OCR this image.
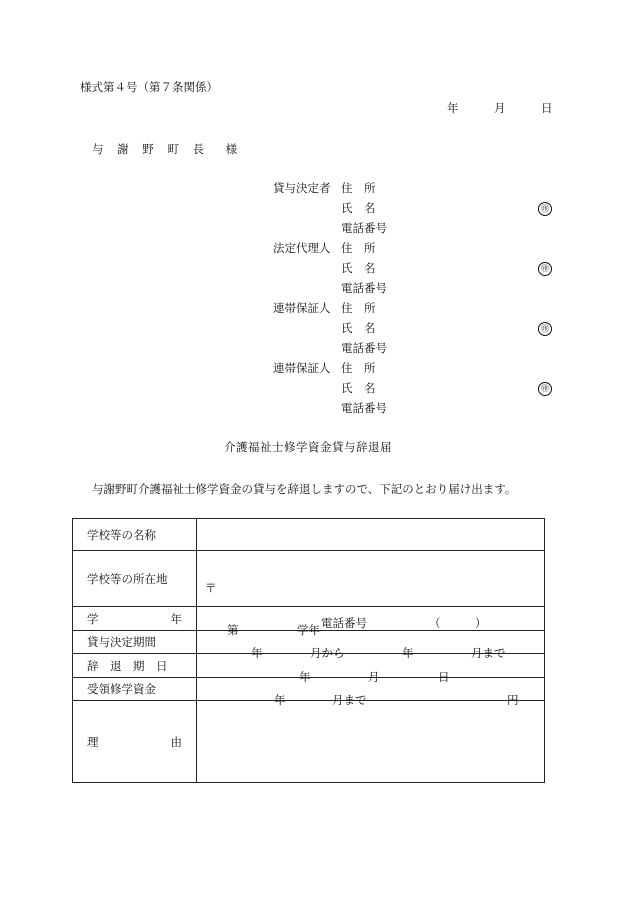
様式第４号（第７条関係）
年	月	日
与 謝 野 町 長　様
貸与決定者 住　所
氏　名	㊞
電話番号
法定代理人 住　所
氏　名	㊞
電話番号
連帯保証人 住　所
氏　名	㊞
電話番号
連帯保証人 住　所
氏　名	㊞
電話番号
介護福祉士修学資金貸与辞退届
与謝野町介護福祉士修学資金の貸与を辞退しますので、下記のとおり届け出ます。
学校等の名称	
学校等の所在地	〒
電話番号 （　　　）

学 年	第 学年

貸与決定期間	年 月から 年 月まで

辞　退　期　日	年 月 日

受領修学資金	年 月まで 円

理 由	
